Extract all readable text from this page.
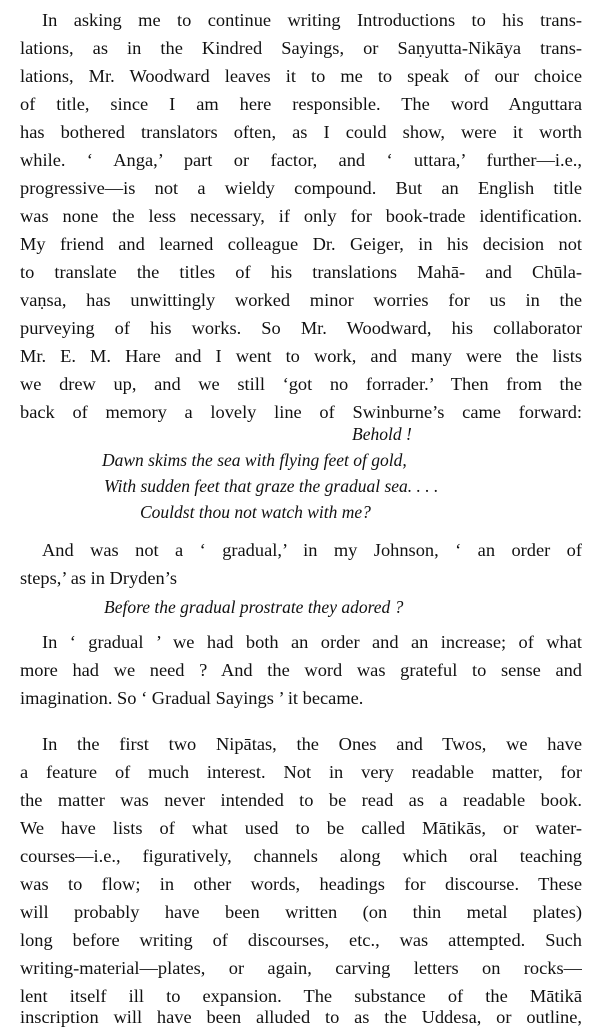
In asking me to continue writing Introductions to his trans-
lations, as in the Kindred Sayings, or Saṇyutta-Nikāya trans-
lations, Mr. Woodward leaves it to me to speak of our choice
of title, since I am here responsible. The word Anguttara
has bothered translators often, as I could show, were it worth
while. ‘ Anga,’ part or factor, and ‘ uttara,’ further—i.e.,
progressive—is not a wieldy compound. But an English title
was none the less necessary, if only for book-trade identification.
My friend and learned colleague Dr. Geiger, in his decision not
to translate the titles of his translations Mahā- and Chūla-
vaṇsa, has unwittingly worked minor worries for us in the
purveying of his works. So Mr. Woodward, his collaborator
Mr. E. M. Hare and I went to work, and many were the lists
we drew up, and we still ‘got no forrader.’ Then from the
back of memory a lovely line of Swinburne’s came forward:
Behold !
Dawn skims the sea with flying feet of gold,
With sudden feet that graze the gradual sea. . . .
Couldst thou not watch with me?
And was not a ‘ gradual,’ in my Johnson, ‘ an order of
steps,’ as in Dryden’s
Before the gradual prostrate they adored ?
In ‘ gradual ’ we had both an order and an increase; of what
more had we need ? And the word was grateful to sense and
imagination. So ‘ Gradual Sayings ’ it became.
In the first two Nipātas, the Ones and Twos, we have
a feature of much interest. Not in very readable matter, for
the matter was never intended to be read as a readable book.
We have lists of what used to be called Mātikās, or water-
courses—i.e., figuratively, channels along which oral teaching
was to flow; in other words, headings for discourse. These
will probably have been written (on thin metal plates)
long before writing of discourses, etc., was attempted. Such
writing-material—plates, or again, carving letters on rocks—
lent itself ill to expansion. The substance of the Mātikā
inscription will have been alluded to as the Uddesa, or outline,
